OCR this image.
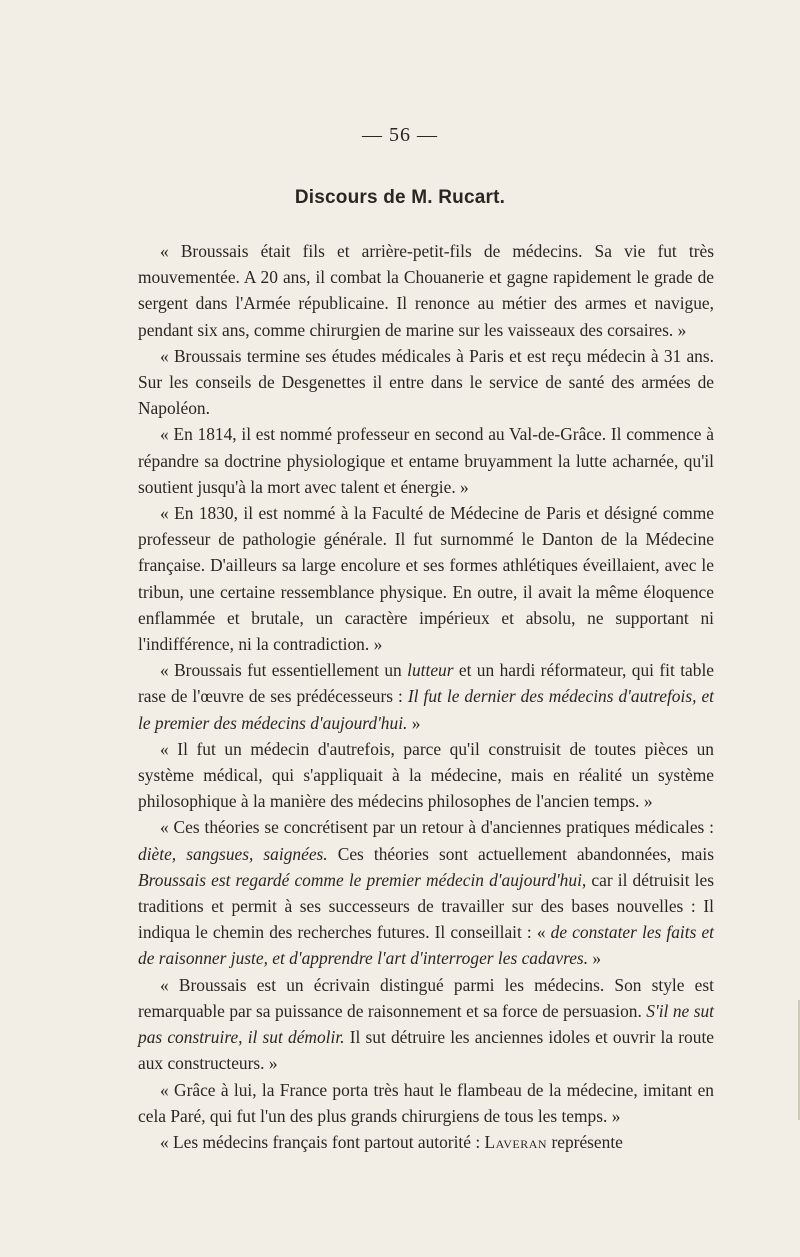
— 56 —
Discours de M. Rucart.

« Broussais était fils et arrière-petit-fils de médecins. Sa vie fut très mouvementée. A 20 ans, il combat la Chouanerie et gagne rapidement le grade de sergent dans l'Armée républicaine. Il renonce au métier des armes et navigue, pendant six ans, comme chirurgien de marine sur les vaisseaux des corsaires. »

« Broussais termine ses études médicales à Paris et est reçu médecin à 31 ans. Sur les conseils de Desgenettes il entre dans le service de santé des armées de Napoléon.

« En 1814, il est nommé professeur en second au Val-de-Grâce. Il commence à répandre sa doctrine physiologique et entame bruyamment la lutte acharnée, qu'il soutient jusqu'à la mort avec talent et énergie. »

« En 1830, il est nommé à la Faculté de Médecine de Paris et désigné comme professeur de pathologie générale. Il fut surnommé le Danton de la Médecine française. D'ailleurs sa large encolure et ses formes athlétiques éveillaient, avec le tribun, une certaine ressemblance physique. En outre, il avait la même éloquence enflammée et brutale, un caractère impérieux et absolu, ne supportant ni l'indifférence, ni la contradiction. »

« Broussais fut essentiellement un lutteur et un hardi réformateur, qui fit table rase de l'œuvre de ses prédécesseurs : Il fut le dernier des médecins d'autrefois, et le premier des médecins d'aujourd'hui. »

« Il fut un médecin d'autrefois, parce qu'il construisit de toutes pièces un système médical, qui s'appliquait à la médecine, mais en réalité un système philosophique à la manière des médecins philosophes de l'ancien temps. »

« Ces théories se concrétisent par un retour à d'anciennes pratiques médicales : diète, sangsues, saignées. Ces théories sont actuellement abandonnées, mais Broussais est regardé comme le premier médecin d'aujourd'hui, car il détruisit les traditions et permit à ses successeurs de travailler sur des bases nouvelles : Il indiqua le chemin des recherches futures. Il conseillait : « de constater les faits et de raisonner juste, et d'apprendre l'art d'interroger les cadavres. »

« Broussais est un écrivain distingué parmi les médecins. Son style est remarquable par sa puissance de raisonnement et sa force de persuasion. S'il ne sut pas construire, il sut démolir. Il sut détruire les anciennes idoles et ouvrir la route aux constructeurs. »

« Grâce à lui, la France porta très haut le flambeau de la médecine, imitant en cela Paré, qui fut l'un des plus grands chirurgiens de tous les temps. »

« Les médecins français font partout autorité : Laveran représente
